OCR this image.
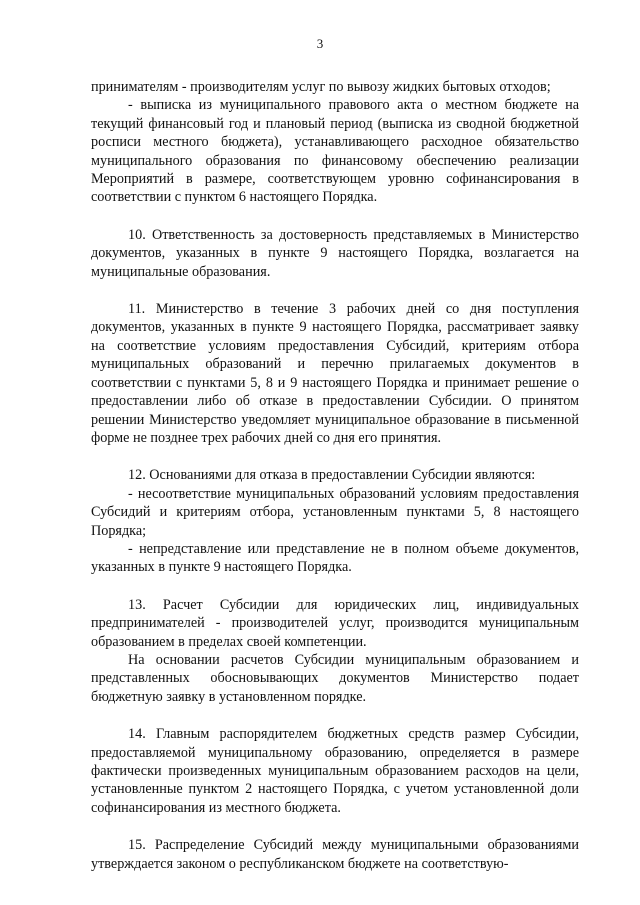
3

принимателям - производителям услуг по вывозу жидких бытовых отходов;

- выписка из муниципального правового акта о местном бюджете на текущий финансовый год и плановый период (выписка из сводной бюджетной росписи местного бюджета), устанавливающего расходное обязательство муниципального образования по финансовому обеспечению реализации Мероприятий в размере, соответствующем уровню софинансирования в соответствии с пунктом 6 настоящего Порядка.

10. Ответственность за достоверность представляемых в Министерство документов, указанных в пункте 9 настоящего Порядка, возлагается на муниципальные образования.

11. Министерство в течение 3 рабочих дней со дня поступления документов, указанных в пункте 9 настоящего Порядка, рассматривает заявку на соответствие условиям предоставления Субсидий, критериям отбора муниципальных образований и перечню прилагаемых документов в соответствии с пунктами 5, 8 и 9 настоящего Порядка и принимает решение о предоставлении либо об отказе в предоставлении Субсидии. О принятом решении Министерство уведомляет муниципальное образование в письменной форме не позднее трех рабочих дней со дня его принятия.

12. Основаниями для отказа в предоставлении Субсидии являются:

- несоответствие муниципальных образований условиям предоставления Субсидий и критериям отбора, установленным пунктами 5, 8 настоящего Порядка;

- непредставление или представление не в полном объеме документов, указанных в пункте 9 настоящего Порядка.

13. Расчет Субсидии для юридических лиц, индивидуальных предпринимателей - производителей услуг, производится муниципальным образованием в пределах своей компетенции.

На основании расчетов Субсидии муниципальным образованием и представленных обосновывающих документов Министерство подает бюджетную заявку в установленном порядке.

14. Главным распорядителем бюджетных средств размер Субсидии, предоставляемой муниципальному образованию, определяется в размере фактически произведенных муниципальным образованием расходов на цели, установленные пунктом 2 настоящего Порядка, с учетом установленной доли софинансирования из местного бюджета.

15. Распределение Субсидий между муниципальными образованиями утверждается законом о республиканском бюджете на соответствую-
